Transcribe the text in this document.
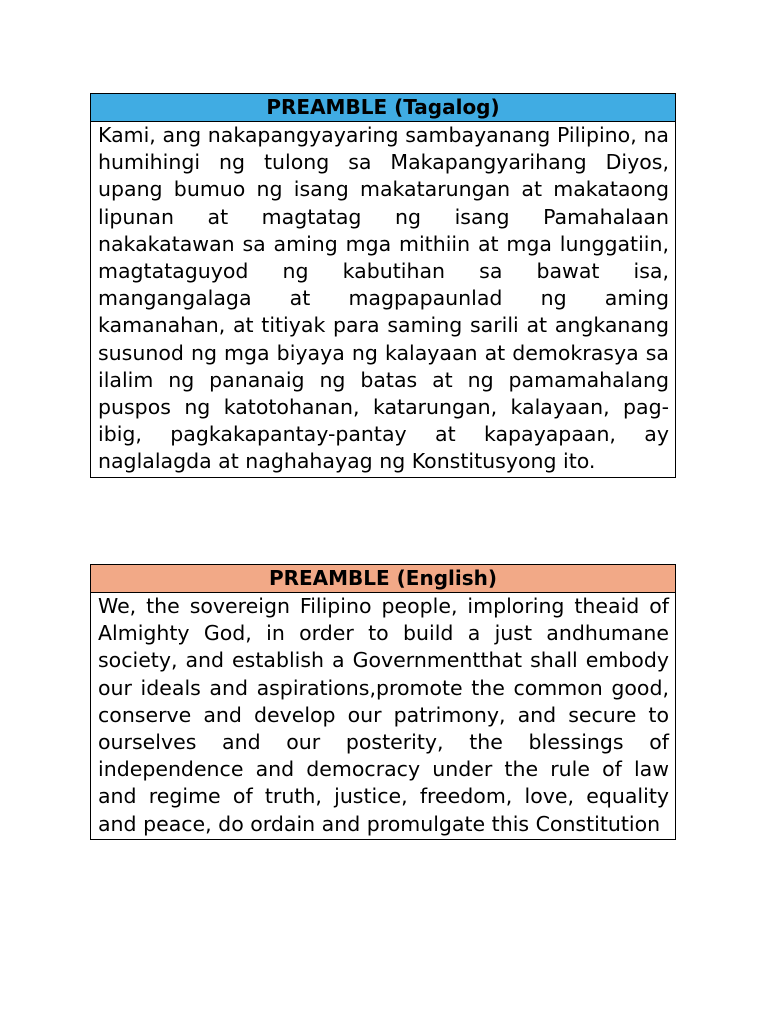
PREAMBLE (Tagalog)
Kami, ang nakapangyayaring sambayanang Pilipino, na humihingi ng tulong sa Makapangyarihang Diyos, upang bumuo ng isang makatarungan at makataong lipunan at magtatag ng isang Pamahalaan nakakatawan sa aming mga mithiin at mga lunggatiin, magtataguyod ng kabutihan sa bawat isa, mangangalaga at magpapaunlad ng aming kamanahan, at titiyak para saming sarili at angkanang susunod ng mga biyaya ng kalayaan at demokrasya sa ilalim ng pananaig ng batas at ng pamamahalang puspos ng katotohanan, katarungan, kalayaan, pag-ibig, pagkakapantay-pantay at kapayapaan, ay naglalagda at naghahayag ng Konstitusyong ito.
PREAMBLE (English)
We, the sovereign Filipino people, imploring theaid of Almighty God, in order to build a just andhumane society, and establish a Governmentthat shall embody our ideals and aspirations,promote the common good, conserve and develop our patrimony, and secure to ourselves and our posterity, the blessings of independence and democracy under the rule of law and regime of truth, justice, freedom, love, equality and peace, do ordain and promulgate this Constitution
